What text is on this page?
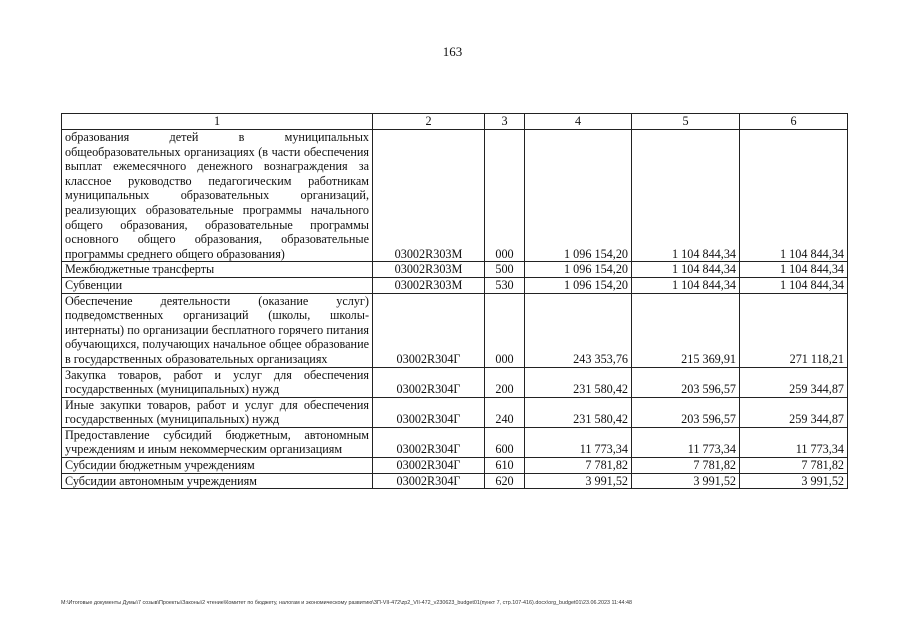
163
1	2	3	4	5	6
образования детей в муниципальных общеобразовательных организациях (в части обеспечения выплат ежемесячного денежного вознаграждения за классное руководство педагогическим работникам муниципальных образовательных организаций, реализующих образовательные программы начального общего образования, образовательные программы основного общего образования, образовательные программы среднего общего образования)	03002R303M	000	1 096 154,20	1 104 844,34	1 104 844,34
Межбюджетные трансферты	03002R303M	500	1 096 154,20	1 104 844,34	1 104 844,34
Субвенции	03002R303M	530	1 096 154,20	1 104 844,34	1 104 844,34
Обеспечение деятельности (оказание услуг) подведомственных организаций (школы, школы-интернаты) по организации бесплатного горячего питания обучающихся, получающих начальное общее образование в государственных образовательных организациях	03002R304Г	000	243 353,76	215 369,91	271 118,21
Закупка товаров, работ и услуг для обеспечения государственных (муниципальных) нужд	03002R304Г	200	231 580,42	203 596,57	259 344,87
Иные закупки товаров, работ и услуг для обеспечения государственных (муниципальных) нужд	03002R304Г	240	231 580,42	203 596,57	259 344,87
Предоставление субсидий бюджетным, автономным учреждениям и иным некоммерческим организациям	03002R304Г	600	11 773,34	11 773,34	11 773,34
Субсидии бюджетным учреждениям	03002R304Г	610	7 781,82	7 781,82	7 781,82
Субсидии автономным учреждениям	03002R304Г	620	3 991,52	3 991,52	3 991,52
M:\Итоговые документы Думы\7 созыв\Проекты\Законы\2 чтение\Комитет по бюджету, налогам и экономическому развитию\ЗП-VII-472\zp2_VII-472_v230623_budget01(пункт 7, стр.107-416).docx\org_budget01\23.06.2023 11:44:48
